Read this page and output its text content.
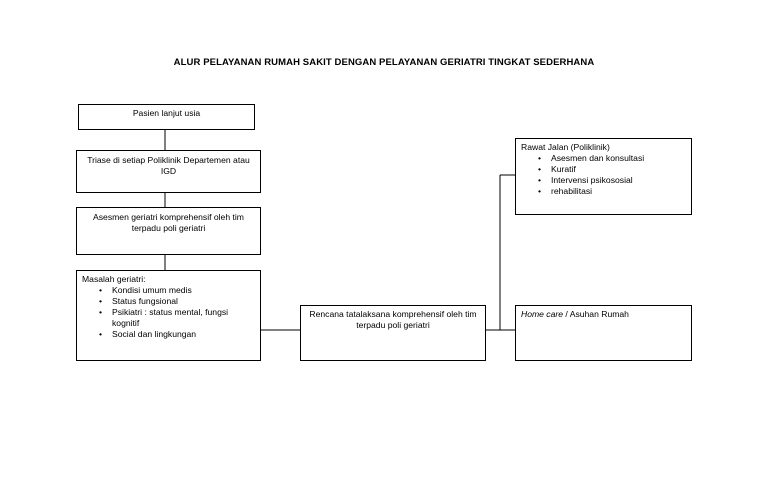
ALUR PELAYANAN RUMAH SAKIT DENGAN PELAYANAN GERIATRI TINGKAT SEDERHANA
Pasien lanjut usia
Triase di setiap Poliklinik Departemen atau IGD
Asesmen geriatri komprehensif oleh tim terpadu poli geriatri
Masalah geriatri:
• Kondisi umum medis
• Status fungsional
• Psikiatri : status mental, fungsi kognitif
• Social dan lingkungan
Rencana tatalaksana komprehensif oleh tim terpadu poli geriatri
Rawat Jalan (Poliklinik)
• Asesmen dan konsultasi
• Kuratif
• Intervensi psikososial
• rehabilitasi
Home care / Asuhan Rumah
